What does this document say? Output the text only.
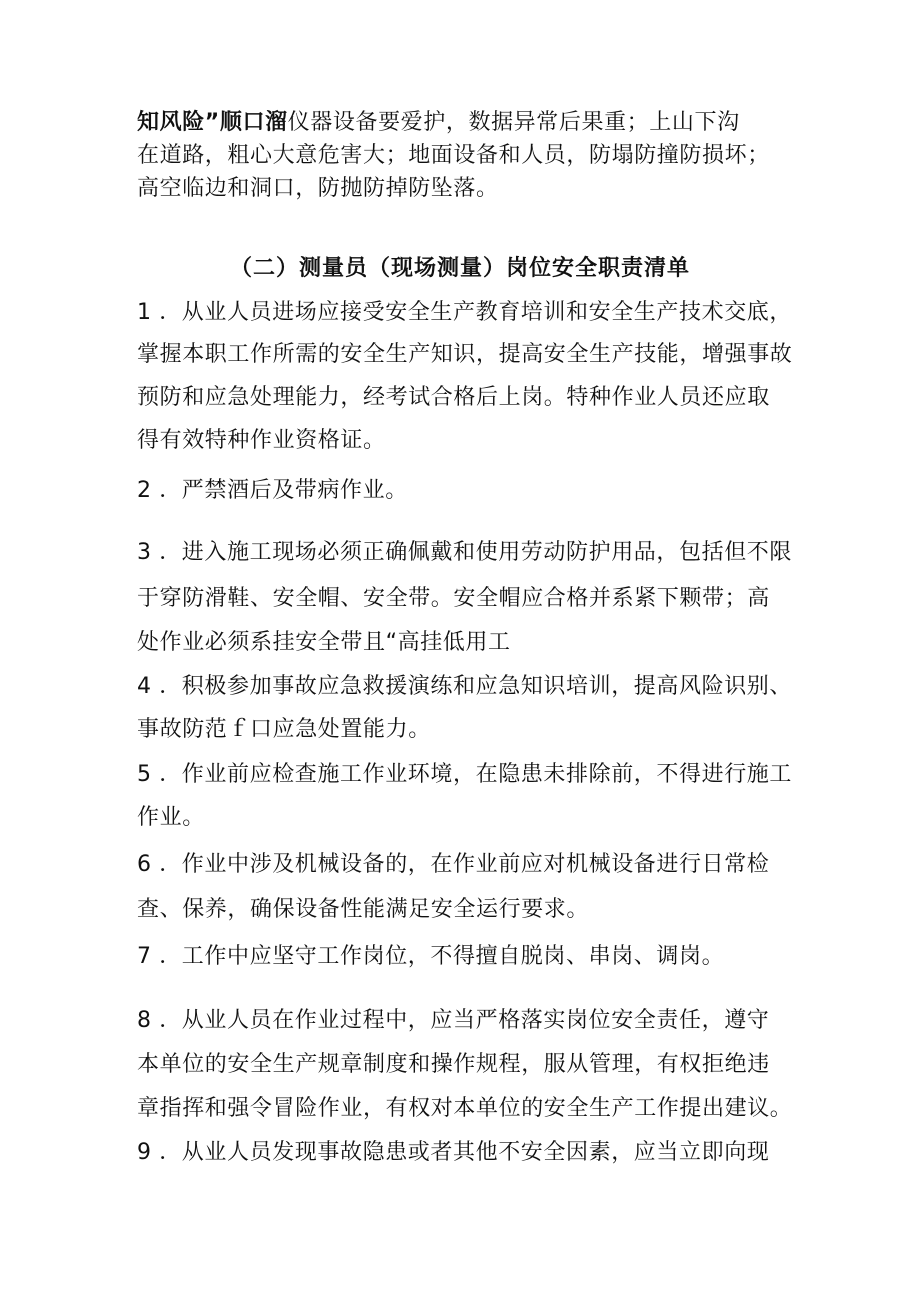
知风险”顺口溜仪器设备要爱护，数据异常后果重；上山下沟
在道路，粗心大意危害大；地面设备和人员，防塌防撞防损坏；
高空临边和洞口，防抛防掉防坠落。
（二）测量员（现场测量）岗位安全职责清单
1 ．从业人员进场应接受安全生产教育培训和安全生产技术交底，
掌握本职工作所需的安全生产知识，提高安全生产技能，增强事故
预防和应急处理能力，经考试合格后上岗。特种作业人员还应取
得有效特种作业资格证。
2 ．严禁酒后及带病作业。
3 ．进入施工现场必须正确佩戴和使用劳动防护用品，包括但不限
于穿防滑鞋、安全帽、安全带。安全帽应合格并系紧下颗带；高
处作业必须系挂安全带且“高挂低用工
4 ．积极参加事故应急救援演练和应急知识培训，提高风险识别、
事故防范ｆ口应急处置能力。
5 ．作业前应检查施工作业环境，在隐患未排除前，不得进行施工
作业。
6 ．作业中涉及机械设备的，在作业前应对机械设备进行日常检
查、保养，确保设备性能满足安全运行要求。
7 ．工作中应坚守工作岗位，不得擅自脱岗、串岗、调岗。
8 ．从业人员在作业过程中，应当严格落实岗位安全责任，遵守
本单位的安全生产规章制度和操作规程，服从管理，有权拒绝违
章指挥和强令冒险作业，有权对本单位的安全生产工作提出建议。
9 ．从业人员发现事故隐患或者其他不安全因素，应当立即向现
